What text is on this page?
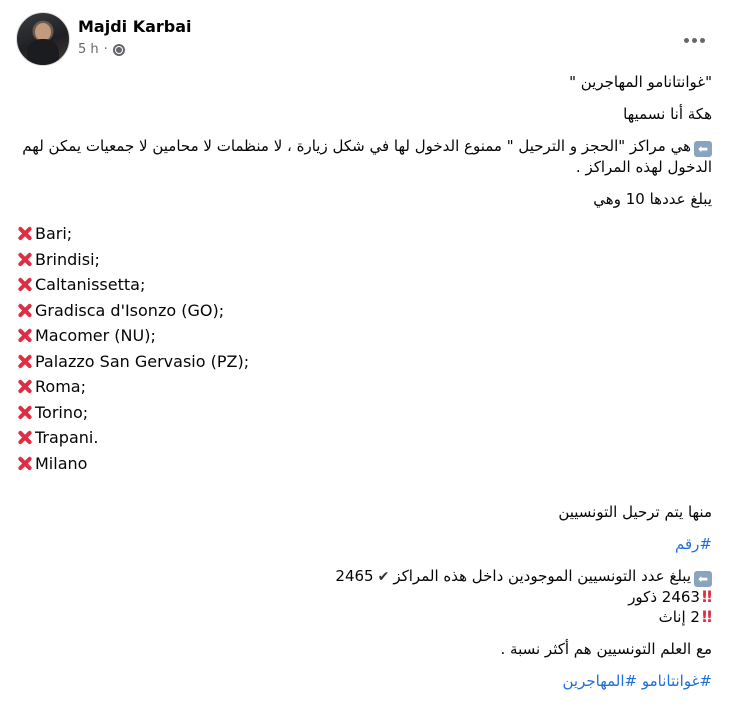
Majdi Karbai
5 h ·

"غوانتانامو المهاجرين "

هكة أنا نسميها

⬅هي مراكز "الحجز و الترحيل " ممنوع الدخول لها في شكل زيارة ، لا منظمات لا محامين لا جمعيات يمكن لهم الدخول لهذه المراكز .

يبلغ عددها 10 وهي

Bari;
Brindisi;
Caltanissetta;
Gradisca d'Isonzo (GO);
Macomer (NU);
Palazzo San Gervasio (PZ);
Roma;
Torino;
Trapani.
Milano

منها يتم ترحيل التونسيين

#رقم

⬅يبلغ عدد التونسيين الموجودين داخل هذه المراكز✔2465

‼2463 ذكور

‼2 إناث

مع العلم التونسيين هم أكثر نسبة .

#غوانتانامو #المهاجرين
